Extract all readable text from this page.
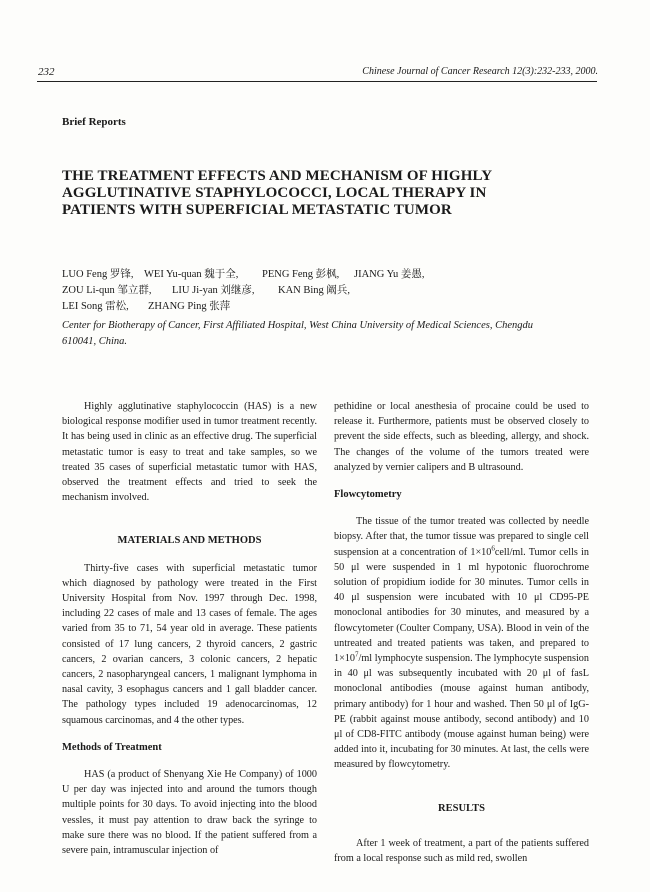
232	Chinese Journal of Cancer Research 12(3):232-233, 2000.
Brief Reports
THE TREATMENT EFFECTS AND MECHANISM OF HIGHLY
AGGLUTINATIVE STAPHYLOCOCCI, LOCAL THERAPY IN
PATIENTS WITH SUPERFICIAL METASTATIC TUMOR
LUO Feng 罗锋, WEI Yu-quan 魏于全, PENG Feng 彭枫, JIANG Yu 姜愚,
ZOU Li-qun 邹立群, LIU Ji-yan 刘继彦, KAN Bing 阚兵,
LEI Song 雷松, ZHANG Ping 张萍
Center for Biotherapy of Cancer, First Affiliated Hospital, West China University of Medical Sciences, Chengdu 610041, China.

Highly agglutinative staphylococcin (HAS) is a new biological response modifier used in tumor treatment recently. It has being used in clinic as an effective drug. The superficial metastatic tumor is easy to treat and take samples, so we treated 35 cases of superficial metastatic tumor with HAS, observed the treatment effects and tried to seek the mechanism involved.

MATERIALS AND METHODS

Thirty-five cases with superficial metastatic tumor which diagnosed by pathology were treated in the First University Hospital from Nov. 1997 through Dec. 1998, including 22 cases of male and 13 cases of female. The ages varied from 35 to 71, 54 year old in average. These patients consisted of 17 lung cancers, 2 thyroid cancers, 2 gastric cancers, 2 ovarian cancers, 3 colonic cancers, 2 hepatic cancers, 2 nasopharyngeal cancers, 1 malignant lymphoma in nasal cavity, 3 esophagus cancers and 1 gall bladder cancer. The pathology types included 19 adenocarcinomas, 12 squamous carcinomas, and 4 the other types.

Methods of Treatment

HAS (a product of Shenyang Xie He Company) of 1000 U per day was injected into and around the tumors though multiple points for 30 days. To avoid injecting into the blood vessles, it must pay attention to draw back the syringe to make sure there was no blood. If the patient suffered from a severe pain, intramuscular injection of

pethidine or local anesthesia of procaine could be used to release it. Furthermore, patients must be observed closely to prevent the side effects, such as bleeding, allergy, and shock. The changes of the volume of the tumors treated were analyzed by vernier calipers and B ultrasound.

Flowcytometry

The tissue of the tumor treated was collected by needle biopsy. After that, the tumor tissue was prepared to single cell suspension at a concentration of $1\times 10^6cell/ml$. Tumor cells in 50 μl were suspended in 1 ml hypotonic fluorochrome solution of propidium iodide for 30 minutes. Tumor cells in 40 μl suspension were incubated with 10 μl CD95-PE monoclonal antibodies for 30 minutes, and measured by a flowcytometer (Coulter Company, USA). Blood in vein of the untreated and treated patients was taken, and prepared to $1\times 10^7/ml$ lymphocyte suspension. The lymphocyte suspension in 40 μl was subsequently incubated with 20 μl of fasL monoclonal antibodies (mouse against human antibody, primary antibody) for 1 hour and washed. Then 50 μl of IgG-PE (rabbit against mouse antibody, second antibody) and 10 μl of CD8-FITC antibody (mouse against human being) were added into it, incubating for 30 minutes. At last, the cells were measured by flowcytometry.

RESULTS

After 1 week of treatment, a part of the patients suffered from a local response such as mild red, swollen
